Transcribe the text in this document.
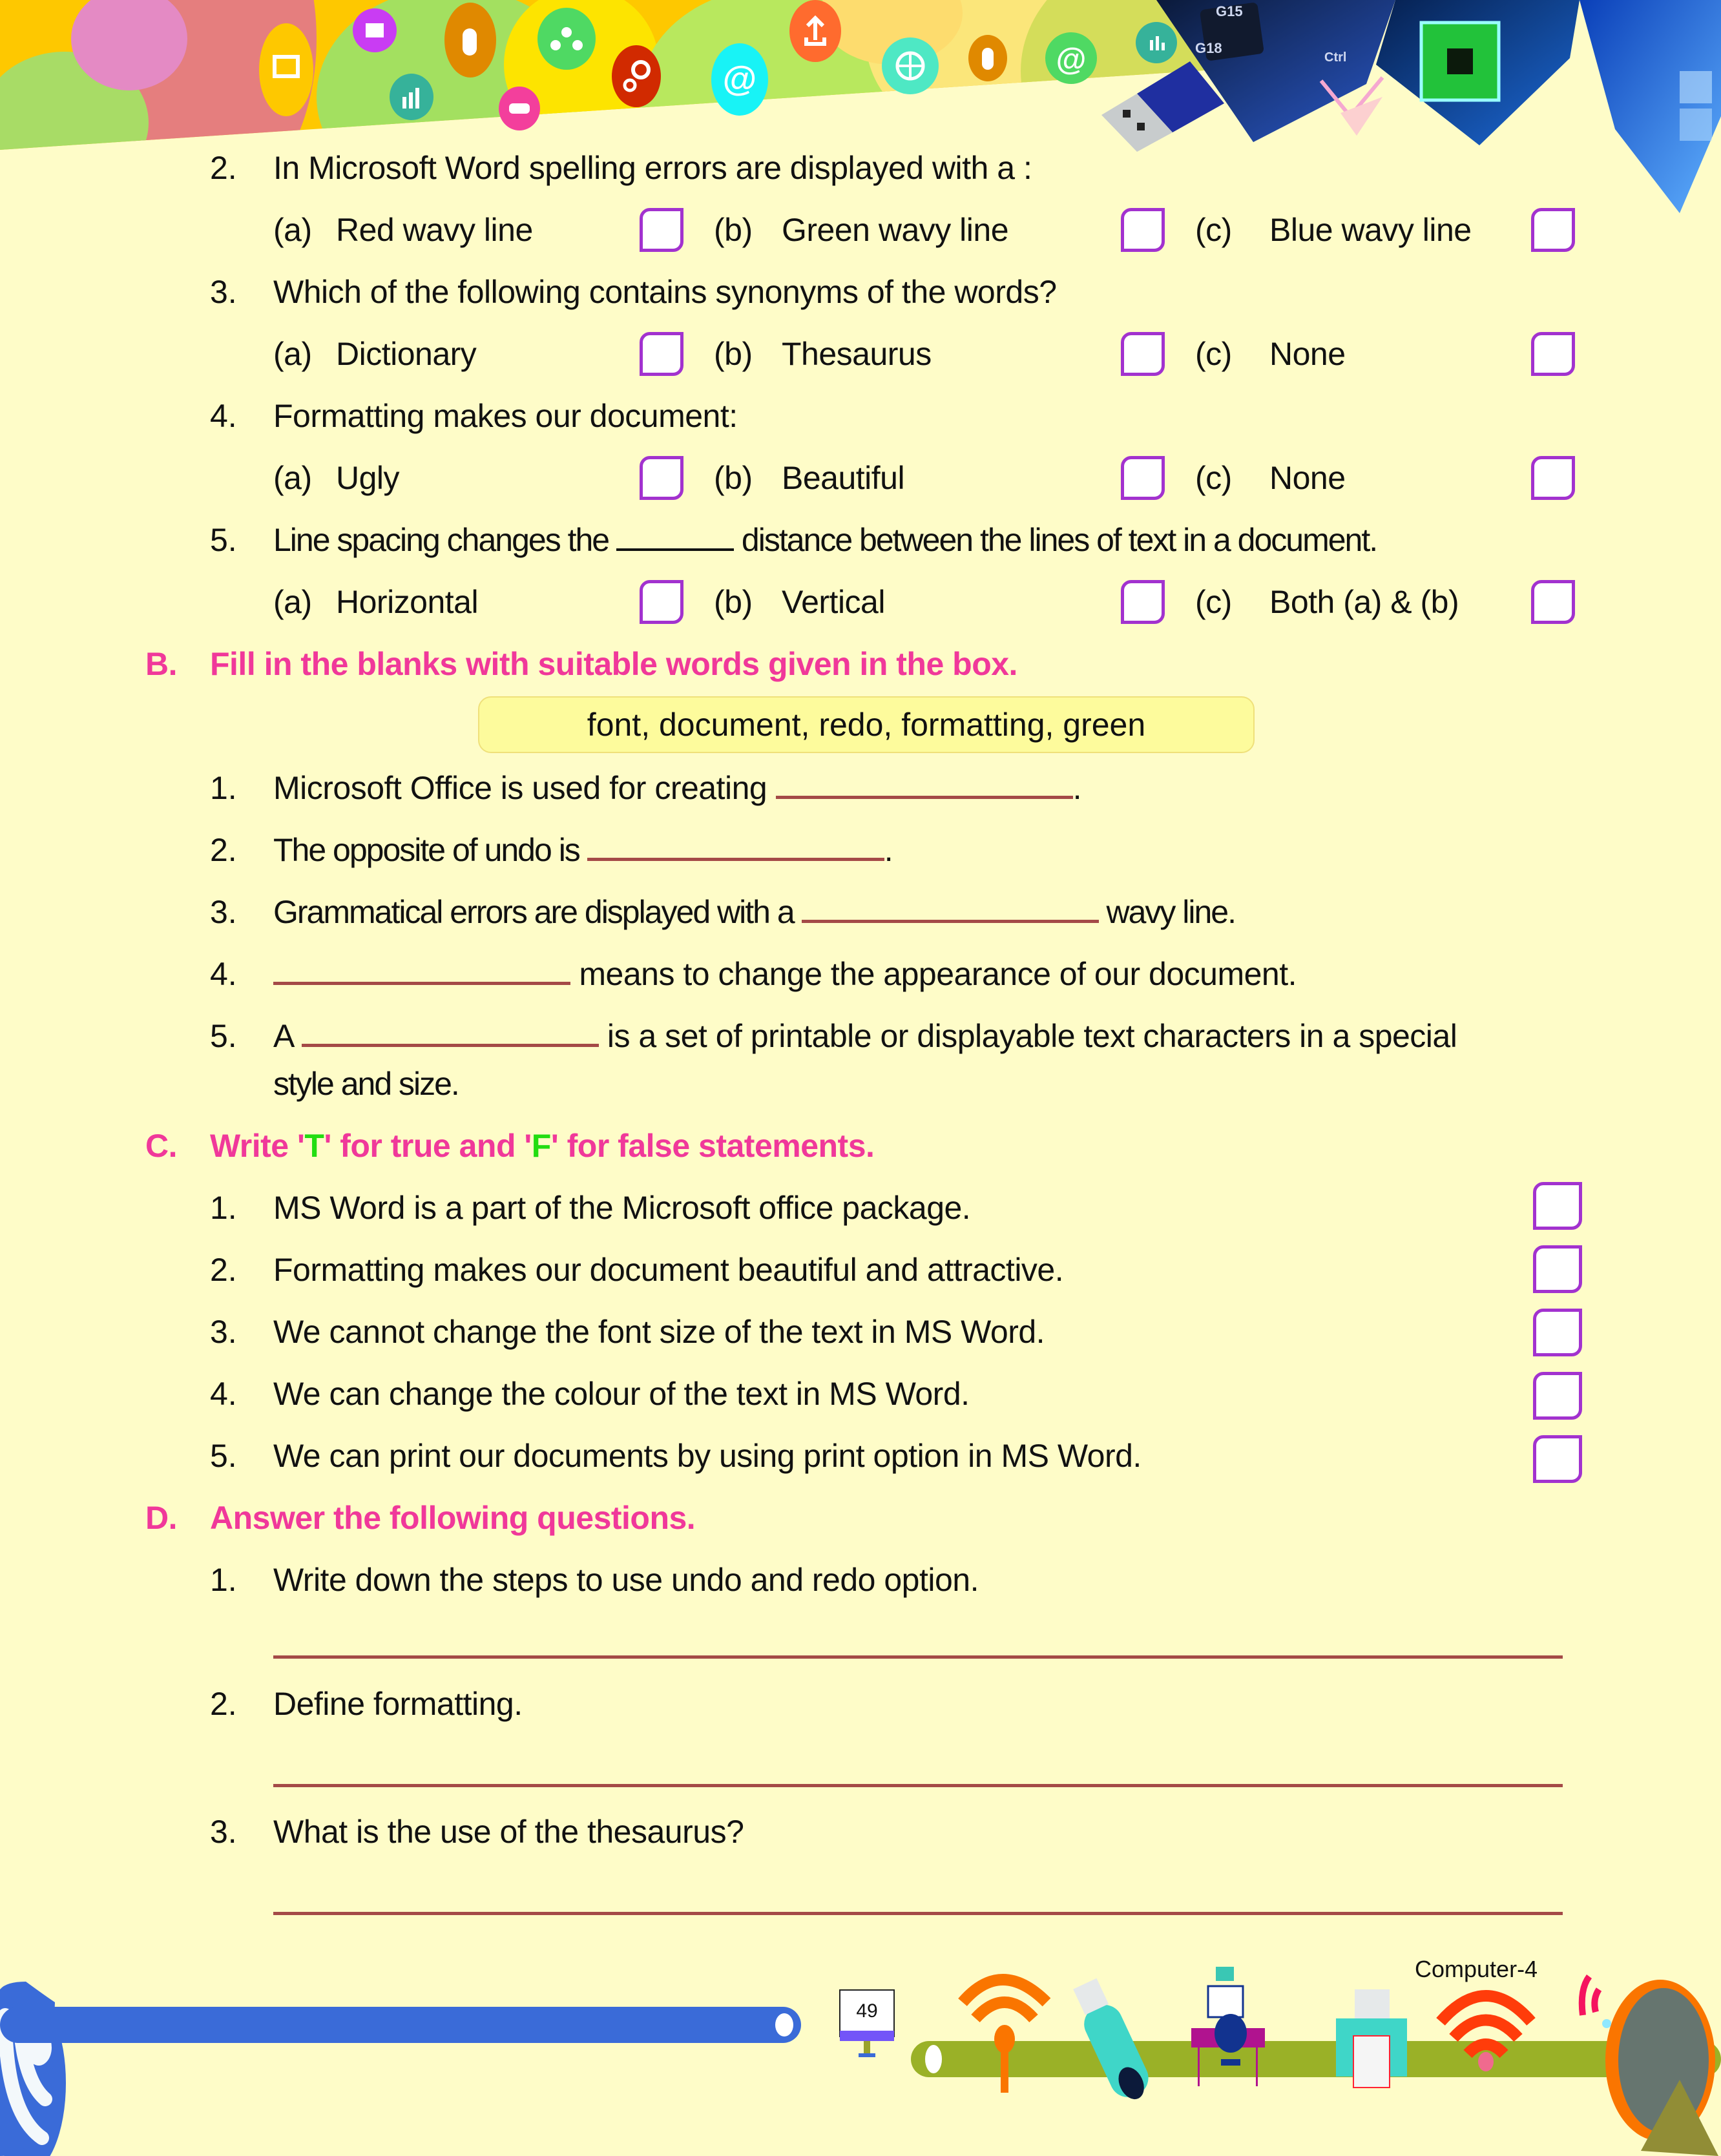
@	@
G15
G18
Ctrl
2. In Microsoft Word spelling errors are displayed with a :
(a) Red wavy line	(b) Green wavy line	(c) Blue wavy line
3. Which of the following contains synonyms of the words?
(a) Dictionary	(b) Thesaurus	(c) None
4. Formatting makes our document:
(a) Ugly	(b) Beautiful	(c) None
5. Line spacing changes the	distance between the lines of text in a document.
(a) Horizontal	(b) Vertical	(c) Both (a) & (b)
B. Fill in the blanks with suitable words given in the box.
font, document, redo, formatting, green
1. Microsoft Office is used for creating	.
2. The opposite of undo is	.
3. Grammatical errors are displayed with a	wavy line.
4.	means to change the appearance of our document.
5. A	is a set of printable or displayable text characters in a special
style and size.
C. Write 'T' for true and 'F' for false statements.
1. MS Word is a part of the Microsoft office package.
2. Formatting makes our document beautiful and attractive.
3. We cannot change the font size of the text in MS Word.
4. We can change the colour of the text in MS Word.
5. We can print our documents by using print option in MS Word.
D. Answer the following questions.
1. Write down the steps to use undo and redo option.
2. Define formatting.
3. What is the use of the thesaurus?
49
Computer-4
